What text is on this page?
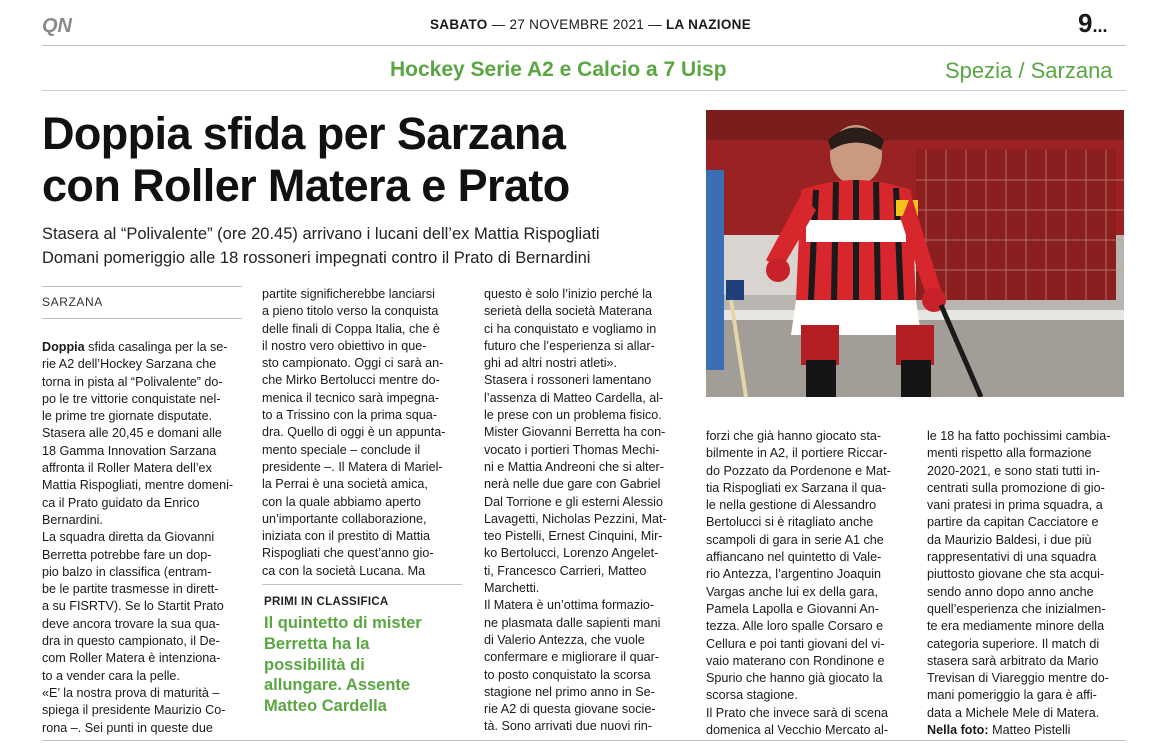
QN	SABATO — 27 NOVEMBRE 2021 — LA NAZIONE	9...
Hockey Serie A2 e Calcio a 7 Uisp	Spezia / Sarzana
Doppia sfida per Sarzana
con Roller Matera e Prato
Stasera al “Polivalente” (ore 20.45) arrivano i lucani dell’ex Mattia Rispogliati
Domani pomeriggio alle 18 rossoneri impegnati contro il Prato di Bernardini
SARZANA
Doppia sfida casalinga per la se-
rie A2 dell’Hockey Sarzana che
torna in pista al “Polivalente” do-
po le tre vittorie conquistate nel-
le prime tre giornate disputate.
Stasera alle 20,45 e domani alle
18 Gamma Innovation Sarzana
affronta il Roller Matera dell’ex
Mattia Rispogliati, mentre domeni-
ca il Prato guidato da Enrico
Bernardini.
La squadra diretta da Giovanni
Berretta potrebbe fare un dop-
pio balzo in classifica (entram-
be le partite trasmesse in dirett-
a su FISRTV). Se lo Startit Prato
deve ancora trovare la sua qua-
dra in questo campionato, il De-
com Roller Matera è intenziona-
to a vender cara la pelle.
«E’ la nostra prova di maturità –
spiega il presidente Maurizio Co-
rona –. Sei punti in queste due
partite significherebbe lanciarsi
a pieno titolo verso la conquista
delle finali di Coppa Italia, che è
il nostro vero obiettivo in que-
sto campionato. Oggi ci sarà an-
che Mirko Bertolucci mentre do-
menica il tecnico sarà impegna-
to a Trissino con la prima squa-
dra. Quello di oggi è un appunta-
mento speciale – conclude il
presidente –. Il Matera di Mariel-
la Perrai è una società amica,
con la quale abbiamo aperto
un’importante collaborazione,
iniziata con il prestito di Mattia
Rispogliati che quest’anno gio-
ca con la società Lucana. Ma
PRIMI IN CLASSIFICA
Il quintetto di mister
Berretta ha la
possibilità di
allungare. Assente
Matteo Cardella
questo è solo l’inizio perché la
serietà della società Materana
ci ha conquistato e vogliamo in
futuro che l’esperienza si allar-
ghi ad altri nostri atleti».
Stasera i rossoneri lamentano
l’assenza di Matteo Cardella, al-
le prese con un problema fisico.
Mister Giovanni Berretta ha con-
vocato i portieri Thomas Mechi-
ni e Mattia Andreoni che si alter-
nerà nelle due gare con Gabriel
Dal Torrione e gli esterni Alessio
Lavagetti, Nicholas Pezzini, Mat-
teo Pistelli, Ernest Cinquini, Mir-
ko Bertolucci, Lorenzo Angelet-
ti, Francesco Carrieri, Matteo
Marchetti.
Il Matera è un’ottima formazio-
ne plasmata dalle sapienti mani
di Valerio Antezza, che vuole
confermare e migliorare il quar-
to posto conquistato la scorsa
stagione nel primo anno in Se-
rie A2 di questa giovane socie-
tà. Sono arrivati due nuovi rin-
forzi che già hanno giocato sta-
bilmente in A2, il portiere Riccar-
do Pozzato da Pordenone e Mat-
tia Rispogliati ex Sarzana il qua-
le nella gestione di Alessandro
Bertolucci si è ritagliato anche
scampoli di gara in serie A1 che
affiancano nel quintetto di Vale-
rio Antezza, l’argentino Joaquin
Vargas anche lui ex della gara,
Pamela Lapolla e Giovanni An-
tezza. Alle loro spalle Corsaro e
Cellura e poi tanti giovani del vi-
vaio materano con Rondinone e
Spurio che hanno già giocato la
scorsa stagione.
Il Prato che invece sarà di scena
domenica al Vecchio Mercato al-
le 18 ha fatto pochissimi cambia-
menti rispetto alla formazione
2020-2021, e sono stati tutti in-
centrati sulla promozione di gio-
vani pratesi in prima squadra, a
partire da capitan Cacciatore e
da Maurizio Baldesi, i due più
rappresentativi di una squadra
piuttosto giovane che sta acqui-
sendo anno dopo anno anche
quell’esperienza che inizialmen-
te era mediamente minore della
categoria superiore. Il match di
stasera sarà arbitrato da Mario
Trevisan di Viareggio mentre do-
mani pomeriggio la gara è affi-
data a Michele Mele di Matera.
Nella foto: Matteo Pistelli
